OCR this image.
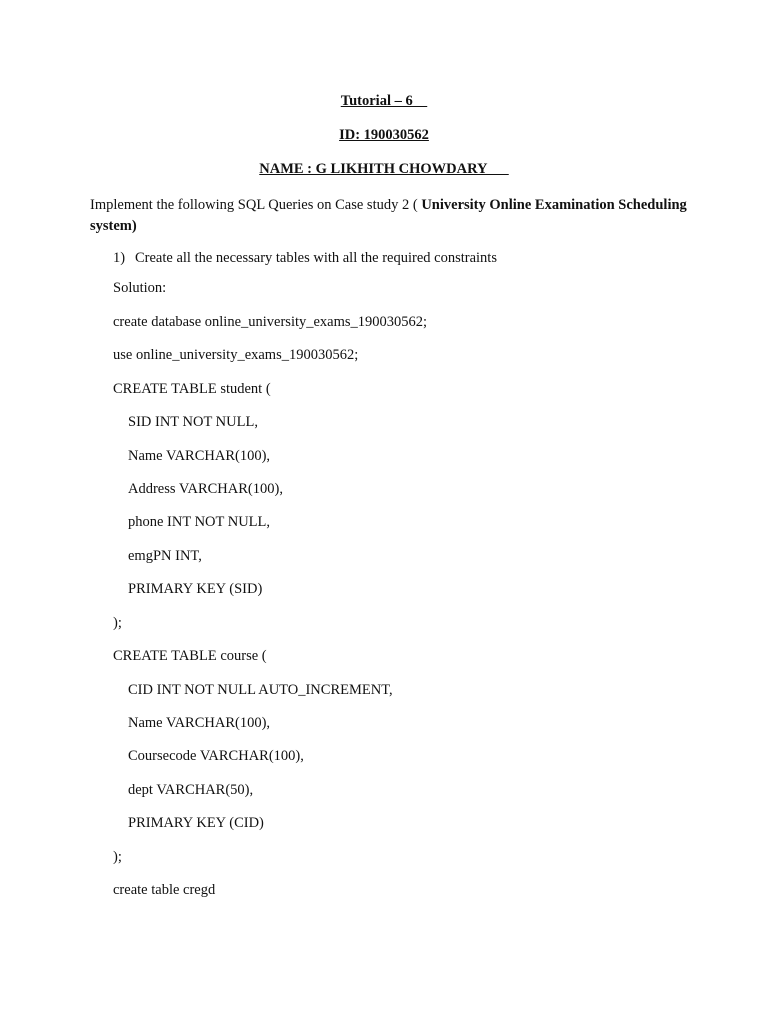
Tutorial – 6
ID: 190030562
NAME : G LIKHITH CHOWDARY
Implement the following SQL Queries on Case study 2 ( University Online Examination Scheduling system)
1) Create all the necessary tables with all the required constraints
Solution:
create database online_university_exams_190030562;
use online_university_exams_190030562;
CREATE TABLE student (
SID INT NOT NULL,
Name VARCHAR(100),
Address VARCHAR(100),
phone INT NOT NULL,
emgPN INT,
PRIMARY KEY (SID)
);
CREATE TABLE course (
CID INT NOT NULL AUTO_INCREMENT,
Name VARCHAR(100),
Coursecode VARCHAR(100),
dept VARCHAR(50),
PRIMARY KEY (CID)
);
create table cregd
